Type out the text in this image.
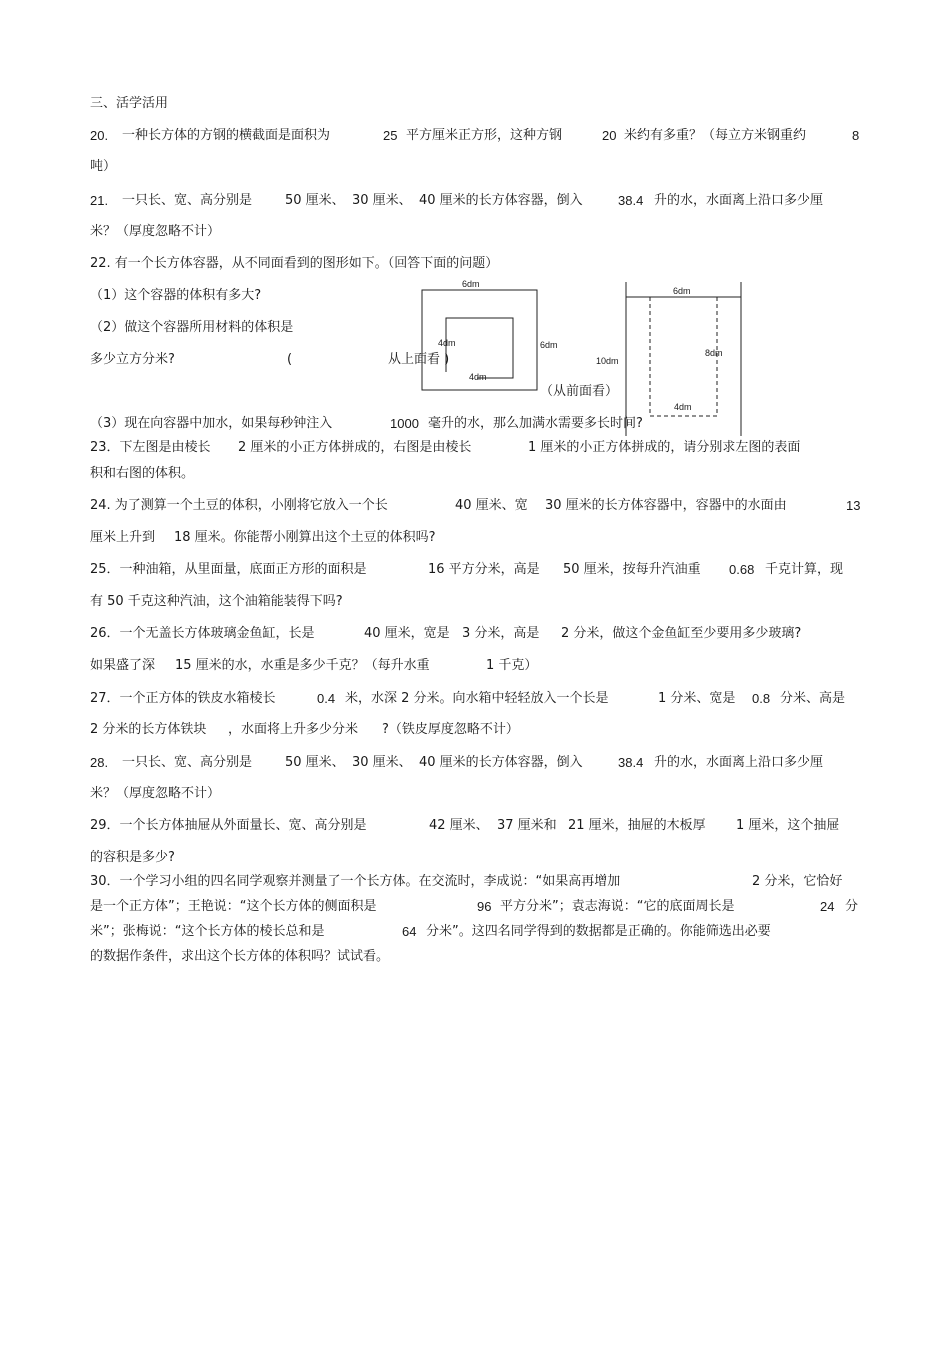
三、活学活用
20. 一种长方体的方钢的横截面是面积为	25 平方厘米正方形，这种方钢	20 米约有多重？（每立方米钢重约	8
吨）
21. 一只长、宽、高分别是	50 厘米、 30 厘米、 40 厘米的长方体容器，倒入	38.4 升的水，水面离上沿口多少厘
米？（厚度忽略不计）
22. 有一个长方体容器，从不同面看到的图形如下。（回答下面的问题）
（1）这个容器的体积有多大?
（2）做这个容器所用材料的体积是
多少立方分米?	(	从上面看 )
（从前面看）
（3）现在向容器中加水，如果每秒钟注入	1000 毫升的水，那么加满水需要多长时间?
6dm
6dm
4dm
4dm
6dm
10dm
8dm
4dm
23．下左图是由棱长 2 厘米的小正方体拼成的，右图是由棱长	1 厘米的小正方体拼成的，请分别求左图的表面
积和右图的体积。
24. 为了测算一个土豆的体积，小刚将它放入一个长	40 厘米、宽 30 厘米的长方体容器中，容器中的水面由	13
厘米上升到 18 厘米。你能帮小刚算出这个土豆的体积吗?
25．一种油箱，从里面量，底面正方形的面积是	16 平方分米，高是 50 厘米，按每升汽油重 0.68 千克计算，现
有 50 千克这种汽油，这个油箱能装得下吗?
26．一个无盖长方体玻璃金鱼缸，长是	40 厘米，宽是 3 分米，高是 2 分米，做这个金鱼缸至少要用多少玻璃?
如果盛了深 15 厘米的水，水重是多少千克？（每升水重	1 千克）
27．一个正方体的铁皮水箱棱长	0.4 米，水深 2 分米。向水箱中轻轻放入一个长是	1 分米、宽是 0.8 分米、高是
2 分米的长方体铁块 ，水面将上升多少分米 ?（铁皮厚度忽略不计）
28. 一只长、宽、高分别是	50 厘米、 30 厘米、 40 厘米的长方体容器，倒入	38.4 升的水，水面离上沿口多少厘
米？（厚度忽略不计）
29．一个长方体抽屉从外面量长、宽、高分别是	42 厘米、 37 厘米和 21 厘米，抽屉的木板厚 1 厘米，这个抽屉
的容积是多少?
30．一个学习小组的四名同学观察并测量了一个长方体。在交流时，李成说：“如果高再增加	2 分米，它恰好
是一个正方体”；王艳说：“这个长方体的侧面积是	96 平方分米”；袁志海说：“它的底面周长是	24 分
米”；张梅说：“这个长方体的棱长总和是	64 分米”。这四名同学得到的数据都是正确的。你能筛选出必要
的数据作条件，求出这个长方体的体积吗？试试看。
